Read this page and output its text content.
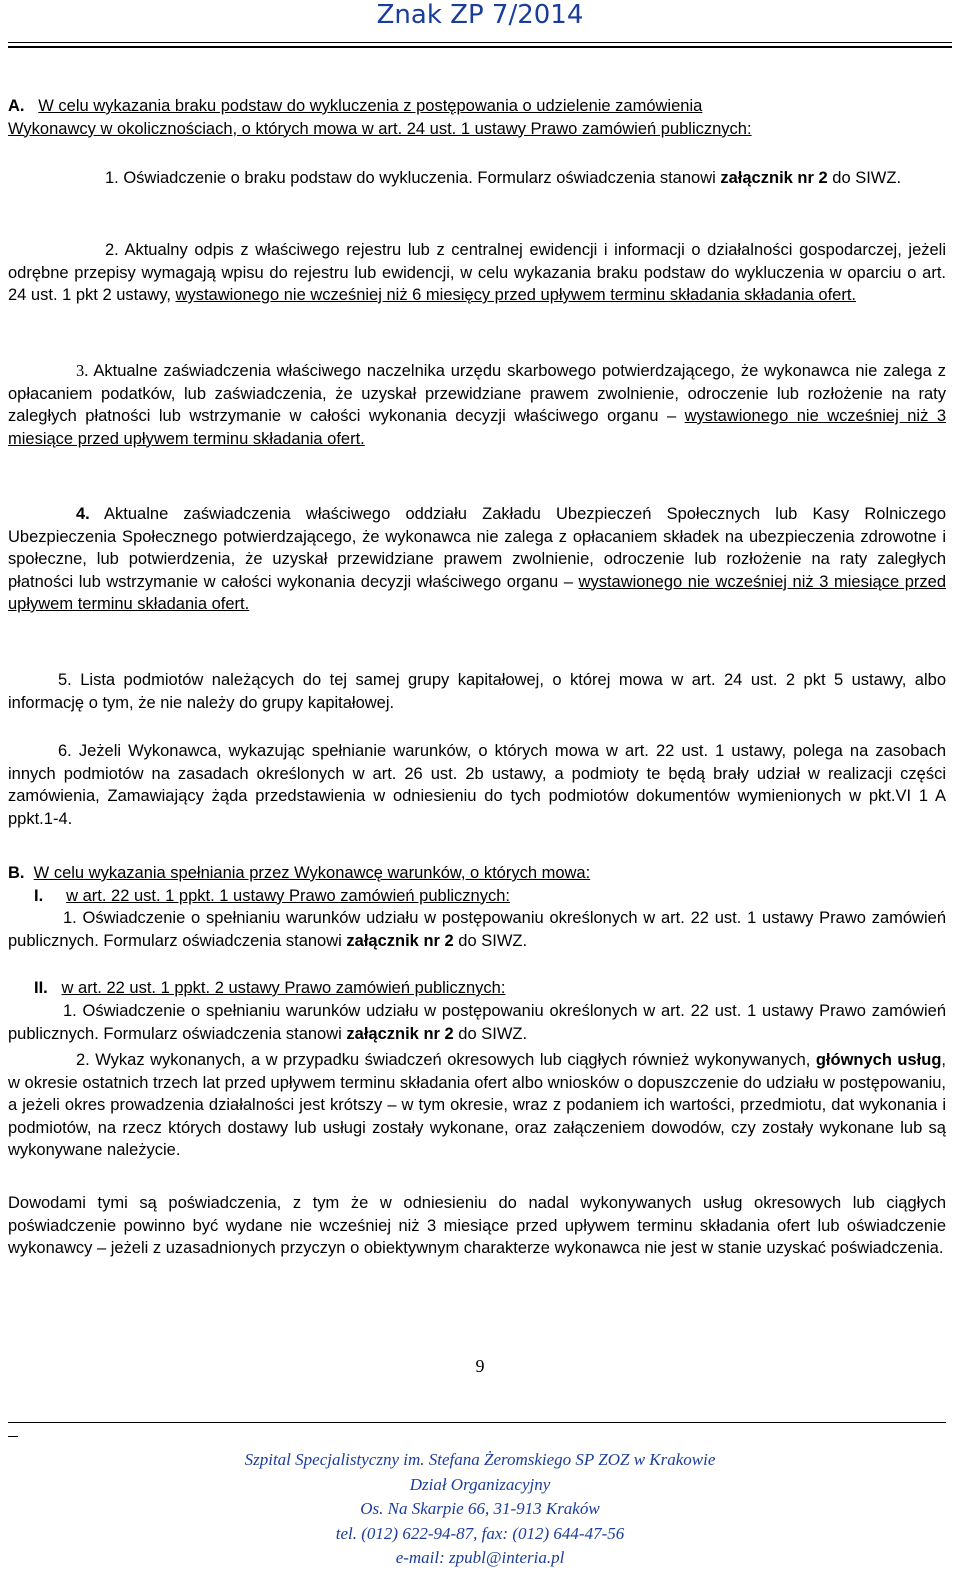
Znak ZP 7/2014

A. W celu wykazania braku podstaw do wykluczenia z postępowania o udzielenie zamówienia

Wykonawcy w okolicznościach, o których mowa w art. 24 ust. 1 ustawy Prawo zamówień publicznych:

1. Oświadczenie o braku podstaw do wykluczenia. Formularz oświadczenia stanowi załącznik nr 2 do SIWZ.

2. Aktualny odpis z właściwego rejestru lub z centralnej ewidencji i informacji o działalności gospodarczej, jeżeli odrębne przepisy wymagają wpisu do rejestru lub ewidencji, w celu wykazania braku podstaw do wykluczenia w oparciu o art. 24 ust. 1 pkt 2 ustawy, wystawionego nie wcześniej niż 6 miesięcy przed upływem terminu składania składania ofert.

3. Aktualne zaświadczenia właściwego naczelnika urzędu skarbowego potwierdzającego, że wykonawca nie zalega z opłacaniem podatków, lub zaświadczenia, że uzyskał przewidziane prawem zwolnienie, odroczenie lub rozłożenie na raty zaległych płatności lub wstrzymanie w całości wykonania decyzji właściwego organu – wystawionego nie wcześniej niż 3 miesiące przed upływem terminu składania ofert.

4. Aktualne zaświadczenia właściwego oddziału Zakładu Ubezpieczeń Społecznych lub Kasy Rolniczego Ubezpieczenia Społecznego potwierdzającego, że wykonawca nie zalega z opłacaniem składek na ubezpieczenia zdrowotne i społeczne, lub potwierdzenia, że uzyskał przewidziane prawem zwolnienie, odroczenie lub rozłożenie na raty zaległych płatności lub wstrzymanie w całości wykonania decyzji właściwego organu – wystawionego nie wcześniej niż 3 miesiące przed upływem terminu składania ofert.

5. Lista podmiotów należących do tej samej grupy kapitałowej, o której mowa w art. 24 ust. 2 pkt 5 ustawy, albo informację o tym, że nie należy do grupy kapitałowej.

6. Jeżeli Wykonawca, wykazując spełnianie warunków, o których mowa w art. 22 ust. 1 ustawy, polega na zasobach innych podmiotów na zasadach określonych w art. 26 ust. 2b ustawy, a podmioty te będą brały udział w realizacji części zamówienia, Zamawiający żąda przedstawienia w odniesieniu do tych podmiotów dokumentów wymienionych w pkt.VI 1 A ppkt.1-4.

B. W celu wykazania spełniania przez Wykonawcę warunków, o których mowa:

I. w art. 22 ust. 1 ppkt. 1 ustawy Prawo zamówień publicznych:

1. Oświadczenie o spełnianiu warunków udziału w postępowaniu określonych w art. 22 ust. 1 ustawy Prawo zamówień publicznych. Formularz oświadczenia stanowi załącznik nr 2 do SIWZ.

II. w art. 22 ust. 1 ppkt. 2 ustawy Prawo zamówień publicznych:

1. Oświadczenie o spełnianiu warunków udziału w postępowaniu określonych w art. 22 ust. 1 ustawy Prawo zamówień publicznych. Formularz oświadczenia stanowi załącznik nr 2 do SIWZ.

2. Wykaz wykonanych, a w przypadku świadczeń okresowych lub ciągłych również wykonywanych, głównych usług, w okresie ostatnich trzech lat przed upływem terminu składania ofert albo wniosków o dopuszczenie do udziału w postępowaniu, a jeżeli okres prowadzenia działalności jest krótszy – w tym okresie, wraz z podaniem ich wartości, przedmiotu, dat wykonania i podmiotów, na rzecz których dostawy lub usługi zostały wykonane, oraz załączeniem dowodów, czy zostały wykonane lub są wykonywane należycie.

Dowodami tymi są poświadczenia, z tym że w odniesieniu do nadal wykonywanych usług okresowych lub ciągłych poświadczenie powinno być wydane nie wcześniej niż 3 miesiące przed upływem terminu składania ofert lub oświadczenie wykonawcy – jeżeli z uzasadnionych przyczyn o obiektywnym charakterze wykonawca nie jest w stanie uzyskać poświadczenia.

9
Szpital Specjalistyczny im. Stefana Żeromskiego SP ZOZ w Krakowie
Dział Organizacyjny
Os. Na Skarpie 66, 31-913 Kraków
tel. (012) 622-94-87, fax: (012) 644-47-56
e-mail: zpubl@interia.pl
